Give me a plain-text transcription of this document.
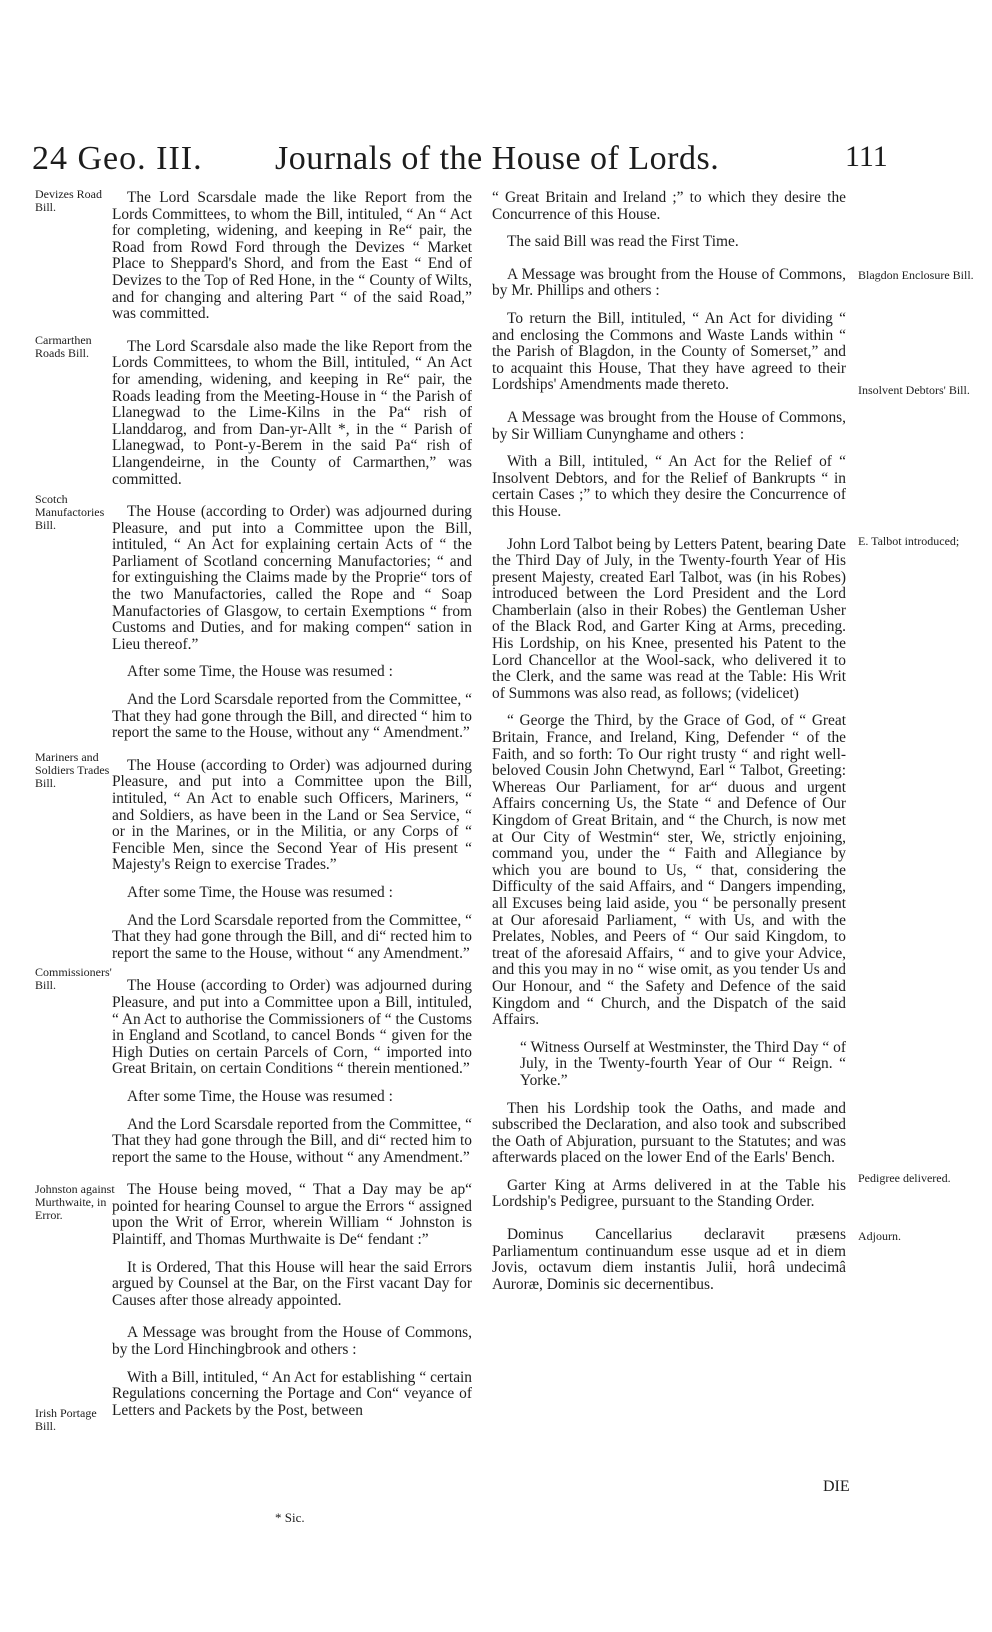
24 Geo. III. Journals of the House of Lords.	111
Devizes Road Bill.
Carmarthen Roads Bill.
Scotch Manufactories Bill.
Mariners and Soldiers Trades Bill.
Commissioners' Bill.
Johnston against Murthwaite, in Error.
Irish Portage Bill.
Blagdon Enclosure Bill.
Insolvent Debtors' Bill.
E. Talbot introduced;
Pedigree delivered.
Adjourn.

The Lord Scarsdale made the like Report from the Lords Committees, to whom the Bill, intituled, “ An “ Act for completing, widening, and keeping in Re“ pair, the Road from Rowd Ford through the Devizes “ Market Place to Sheppard's Shord, and from the East “ End of Devizes to the Top of Red Hone, in the “ County of Wilts, and for changing and altering Part “ of the said Road,” was committed.

The Lord Scarsdale also made the like Report from the Lords Committees, to whom the Bill, intituled, “ An Act for amending, widening, and keeping in Re“ pair, the Roads leading from the Meeting-House in “ the Parish of Llanegwad to the Lime-Kilns in the Pa“ rish of Llanddarog, and from Dan-yr-Allt *, in the “ Parish of Llanegwad, to Pont-y-Berem in the said Pa“ rish of Llangendeirne, in the County of Carmarthen,” was committed.

The House (according to Order) was adjourned during Pleasure, and put into a Committee upon the Bill, intituled, “ An Act for explaining certain Acts of “ the Parliament of Scotland concerning Manufactories; “ and for extinguishing the Claims made by the Proprie“ tors of the two Manufactories, called the Rope and “ Soap Manufactories of Glasgow, to certain Exemptions “ from Customs and Duties, and for making compen“ sation in Lieu thereof.”

After some Time, the House was resumed :

And the Lord Scarsdale reported from the Committee, “ That they had gone through the Bill, and directed “ him to report the same to the House, without any “ Amendment.”

The House (according to Order) was adjourned during Pleasure, and put into a Committee upon the Bill, intituled, “ An Act to enable such Officers, Mariners, “ and Soldiers, as have been in the Land or Sea Service, “ or in the Marines, or in the Militia, or any Corps of “ Fencible Men, since the Second Year of His present “ Majesty's Reign to exercise Trades.”

After some Time, the House was resumed :

And the Lord Scarsdale reported from the Committee, “ That they had gone through the Bill, and di“ rected him to report the same to the House, without “ any Amendment.”

The House (according to Order) was adjourned during Pleasure, and put into a Committee upon a Bill, intituled, “ An Act to authorise the Commissioners of “ the Customs in England and Scotland, to cancel Bonds “ given for the High Duties on certain Parcels of Corn, “ imported into Great Britain, on certain Conditions “ therein mentioned.”

After some Time, the House was resumed :

And the Lord Scarsdale reported from the Committee, “ That they had gone through the Bill, and di“ rected him to report the same to the House, without “ any Amendment.”

The House being moved, “ That a Day may be ap“ pointed for hearing Counsel to argue the Errors “ assigned upon the Writ of Error, wherein William “ Johnston is Plaintiff, and Thomas Murthwaite is De“ fendant :”

It is Ordered, That this House will hear the said Errors argued by Counsel at the Bar, on the First vacant Day for Causes after those already appointed.

A Message was brought from the House of Commons, by the Lord Hinchingbrook and others :

With a Bill, intituled, “ An Act for establishing “ certain Regulations concerning the Portage and Con“ veyance of Letters and Packets by the Post, between

“ Great Britain and Ireland ;” to which they desire the Concurrence of this House.

The said Bill was read the First Time.

A Message was brought from the House of Commons, by Mr. Phillips and others :

To return the Bill, intituled, “ An Act for dividing “ and enclosing the Commons and Waste Lands within “ the Parish of Blagdon, in the County of Somerset,” and to acquaint this House, That they have agreed to their Lordships' Amendments made thereto.

A Message was brought from the House of Commons, by Sir William Cunynghame and others :

With a Bill, intituled, “ An Act for the Relief of “ Insolvent Debtors, and for the Relief of Bankrupts “ in certain Cases ;” to which they desire the Concurrence of this House.

John Lord Talbot being by Letters Patent, bearing Date the Third Day of July, in the Twenty-fourth Year of His present Majesty, created Earl Talbot, was (in his Robes) introduced between the Lord President and the Lord Chamberlain (also in their Robes) the Gentleman Usher of the Black Rod, and Garter King at Arms, preceding. His Lordship, on his Knee, presented his Patent to the Lord Chancellor at the Wool-sack, who delivered it to the Clerk, and the same was read at the Table: His Writ of Summons was also read, as follows; (videlicet)

“ George the Third, by the Grace of God, of “ Great Britain, France, and Ireland, King, Defender “ of the Faith, and so forth: To Our right trusty “ and right well-beloved Cousin John Chetwynd, Earl “ Talbot, Greeting: Whereas Our Parliament, for ar“ duous and urgent Affairs concerning Us, the State “ and Defence of Our Kingdom of Great Britain, and “ the Church, is now met at Our City of Westmin“ ster, We, strictly enjoining, command you, under the “ Faith and Allegiance by which you are bound to Us, “ that, considering the Difficulty of the said Affairs, and “ Dangers impending, all Excuses being laid aside, you “ be personally present at Our aforesaid Parliament, “ with Us, and with the Prelates, Nobles, and Peers of “ Our said Kingdom, to treat of the aforesaid Affairs, “ and to give your Advice, and this you may in no “ wise omit, as you tender Us and Our Honour, and “ the Safety and Defence of the said Kingdom and “ Church, and the Dispatch of the said Affairs.

“ Witness Ourself at Westminster, the Third Day “ of July, in the Twenty-fourth Year of Our “ Reign. “ Yorke.”

Then his Lordship took the Oaths, and made and subscribed the Declaration, and also took and subscribed the Oath of Abjuration, pursuant to the Statutes; and was afterwards placed on the lower End of the Earls' Bench.

Garter King at Arms delivered in at the Table his Lordship's Pedigree, pursuant to the Standing Order.

Dominus Cancellarius declaravit præsens Parliamentum continuandum esse usque ad et in diem Jovis, octavum diem instantis Julii, horâ undecimâ Auroræ, Dominis sic decernentibus.

* Sic.
DIE
